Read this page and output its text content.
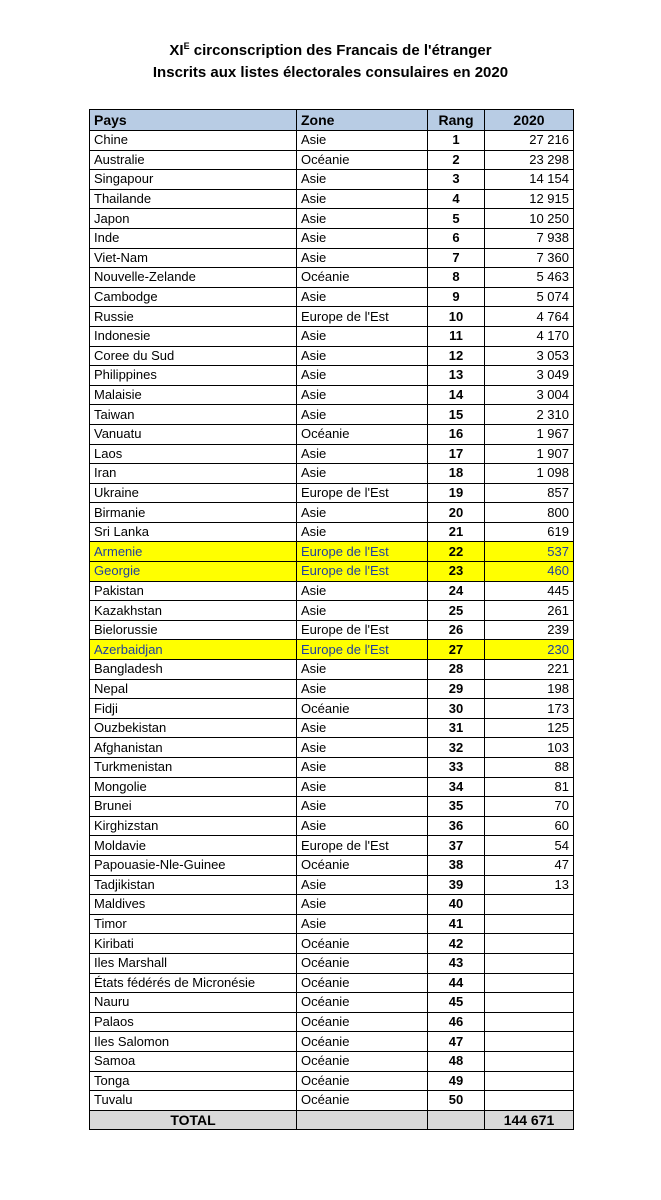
$XI^E$ circonscription des Francais de l'étranger
Inscrits aux listes électorales consulaires en 2020
Pays	Zone	Rang	2020
Chine	Asie	1	27 216
Australie	Océanie	2	23 298
Singapour	Asie	3	14 154
Thailande	Asie	4	12 915
Japon	Asie	5	10 250
Inde	Asie	6	7 938
Viet-Nam	Asie	7	7 360
Nouvelle-Zelande	Océanie	8	5 463
Cambodge	Asie	9	5 074
Russie	Europe de l'Est	10	4 764
Indonesie	Asie	11	4 170
Coree du Sud	Asie	12	3 053
Philippines	Asie	13	3 049
Malaisie	Asie	14	3 004
Taiwan	Asie	15	2 310
Vanuatu	Océanie	16	1 967
Laos	Asie	17	1 907
Iran	Asie	18	1 098
Ukraine	Europe de l'Est	19	857
Birmanie	Asie	20	800
Sri Lanka	Asie	21	619
Armenie	Europe de l'Est	22	537
Georgie	Europe de l'Est	23	460
Pakistan	Asie	24	445
Kazakhstan	Asie	25	261
Bielorussie	Europe de l'Est	26	239
Azerbaidjan	Europe de l'Est	27	230
Bangladesh	Asie	28	221
Nepal	Asie	29	198
Fidji	Océanie	30	173
Ouzbekistan	Asie	31	125
Afghanistan	Asie	32	103
Turkmenistan	Asie	33	88
Mongolie	Asie	34	81
Brunei	Asie	35	70
Kirghizstan	Asie	36	60
Moldavie	Europe de l'Est	37	54
Papouasie-Nle-Guinee	Océanie	38	47
Tadjikistan	Asie	39	13
Maldives	Asie	40	
Timor	Asie	41	
Kiribati	Océanie	42	
Iles Marshall	Océanie	43	
États fédérés de Micronésie	Océanie	44	
Nauru	Océanie	45	
Palaos	Océanie	46	
Iles Salomon	Océanie	47	
Samoa	Océanie	48	
Tonga	Océanie	49	
Tuvalu	Océanie	50	
TOTAL			144 671
